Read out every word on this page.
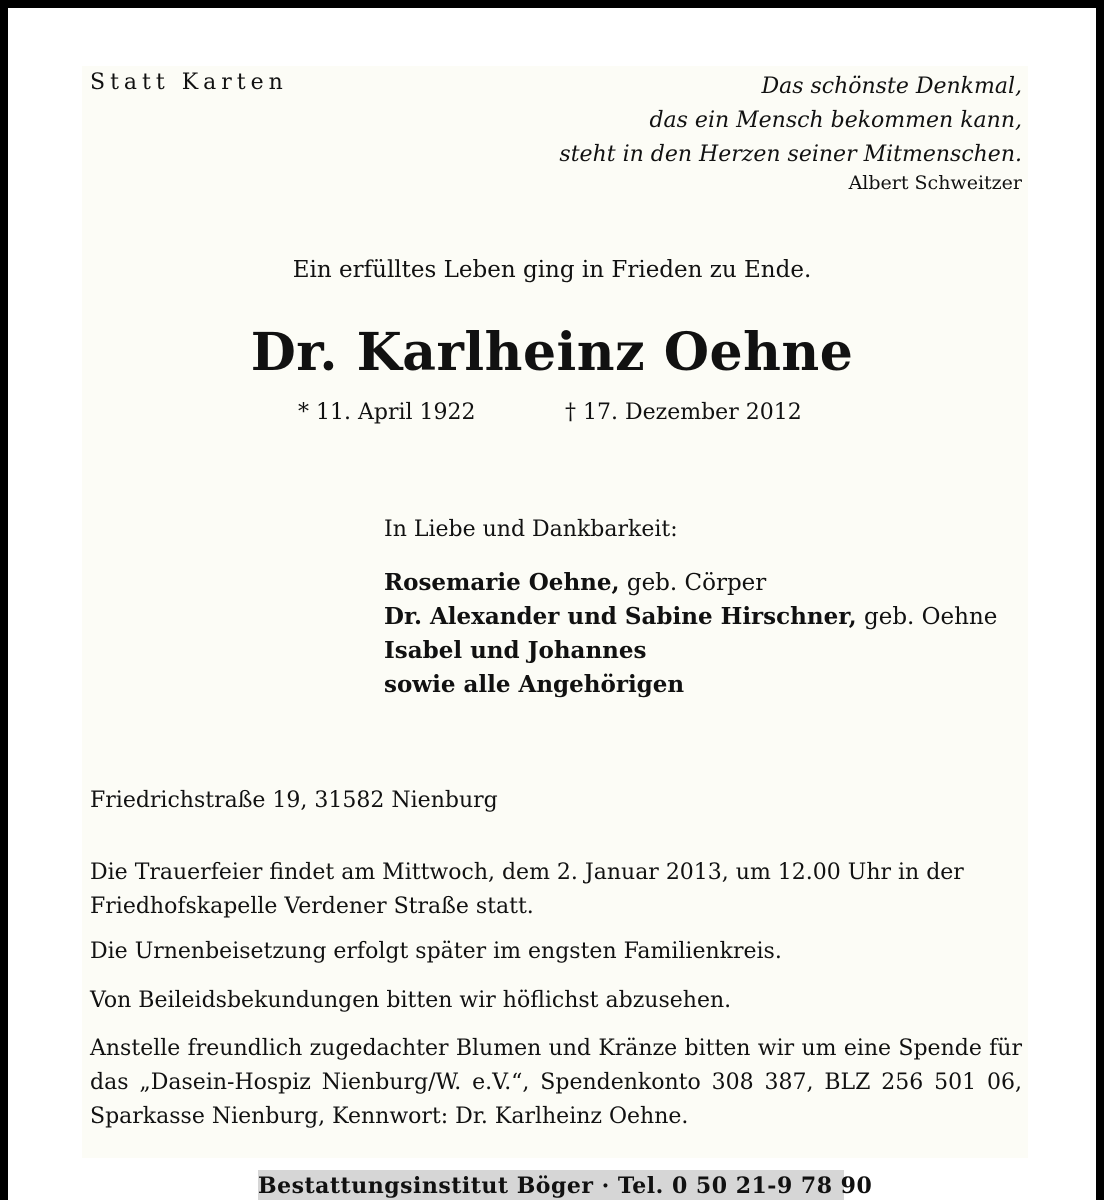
Statt Karten	Das schönste Denkmal,
das ein Mensch bekommen kann,
steht in den Herzen seiner Mitmenschen.
Albert Schweitzer
Ein erfülltes Leben ging in Frieden zu Ende.
Dr. Karlheinz Oehne
* 11. April 1922	† 17. Dezember 2012
In Liebe und Dankbarkeit:
Rosemarie Oehne, geb. Cörper
Dr. Alexander und Sabine Hirschner, geb. Oehne
Isabel und Johannes
sowie alle Angehörigen
Friedrichstraße 19, 31582 Nienburg
Die Trauerfeier findet am Mittwoch, dem 2. Januar 2013, um 12.00 Uhr in der Friedhofskapelle Verdener Straße statt.
Die Urnenbeisetzung erfolgt später im engsten Familienkreis.
Von Beileidsbekundungen bitten wir höflichst abzusehen.
Anstelle freundlich zugedachter Blumen und Kränze bitten wir um eine Spende für das „Dasein-Hospiz Nienburg/W. e.V.“, Spendenkonto 308 387, BLZ 256 501 06, Sparkasse Nienburg, Kennwort: Dr. Karlheinz Oehne.
Bestattungsinstitut Böger · Tel. 0 50 21-9 78 90
